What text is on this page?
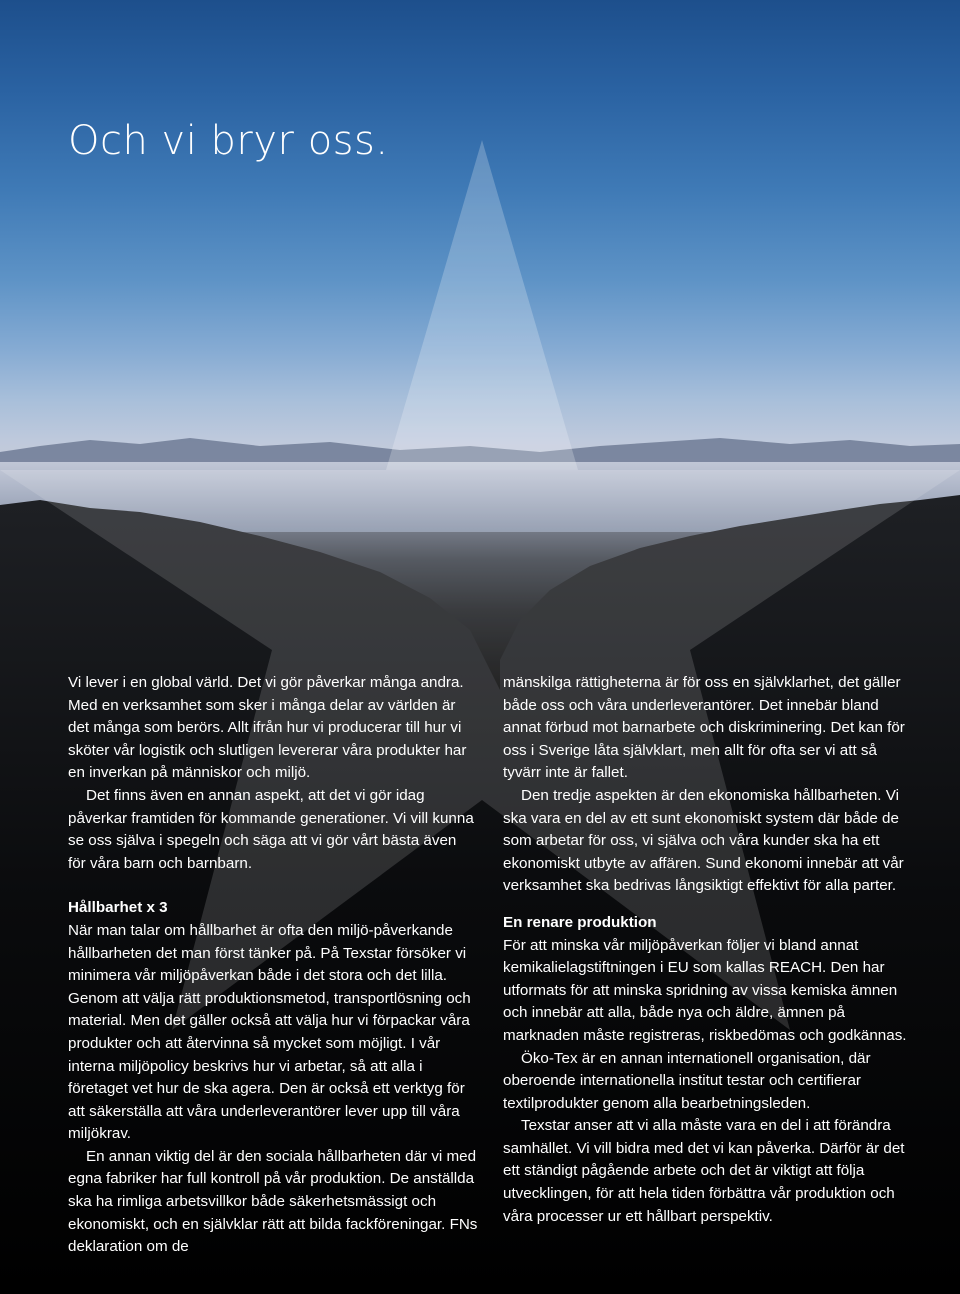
Och vi bryr oss.

Vi lever i en global värld. Det vi gör påverkar många andra. Med en verksamhet som sker i många delar av världen är det många som berörs. Allt ifrån hur vi producerar till hur vi sköter vår logistik och slutligen levererar våra produkter har en inverkan på människor och miljö.

Det finns även en annan aspekt, att det vi gör idag påverkar framtiden för kommande generationer. Vi vill kunna se oss själva i spegeln och säga att vi gör vårt bästa även för våra barn och barnbarn.

Hållbarhet x 3

När man talar om hållbarhet är ofta den miljö-påverkande hållbarheten det man först tänker på. På Texstar försöker vi minimera vår miljöpåverkan både i det stora och det lilla. Genom att välja rätt produktionsmetod, transportlösning och material. Men det gäller också att välja hur vi förpackar våra produkter och att återvinna så mycket som möjligt. I vår interna miljöpolicy beskrivs hur vi arbetar, så att alla i företaget vet hur de ska agera. Den är också ett verktyg för att säkerställa att våra underleverantörer lever upp till våra miljökrav.

En annan viktig del är den sociala hållbarheten där vi med egna fabriker har full kontroll på vår produktion. De anställda ska ha rimliga arbetsvillkor både säkerhetsmässigt och ekonomiskt, och en självklar rätt att bilda fackföreningar. FNs deklaration om de

mänskilga rättigheterna är för oss en självklarhet, det gäller både oss och våra underleverantörer. Det innebär bland annat förbud mot barnarbete och diskriminering. Det kan för oss i Sverige låta självklart, men allt för ofta ser vi att så tyvärr inte är fallet.

Den tredje aspekten är den ekonomiska hållbarheten. Vi ska vara en del av ett sunt ekonomiskt system där både de som arbetar för oss, vi själva och våra kunder ska ha ett ekonomiskt utbyte av affären. Sund ekonomi innebär att vår verksamhet ska bedrivas långsiktigt effektivt för alla parter.

En renare produktion

För att minska vår miljöpåverkan följer vi bland annat kemikalielagstiftningen i EU som kallas REACH. Den har utformats för att minska spridning av vissa kemiska ämnen och innebär att alla, både nya och äldre, ämnen på marknaden måste registreras, riskbedömas och godkännas.

Öko-Tex är en annan internationell organisation, där oberoende internationella institut testar och certifierar textilprodukter genom alla bearbetningsleden.

Texstar anser att vi alla måste vara en del i att förändra samhället. Vi vill bidra med det vi kan påverka. Därför är det ett ständigt pågående arbete och det är viktigt att följa utvecklingen, för att hela tiden förbättra vår produktion och våra processer ur ett hållbart perspektiv.
